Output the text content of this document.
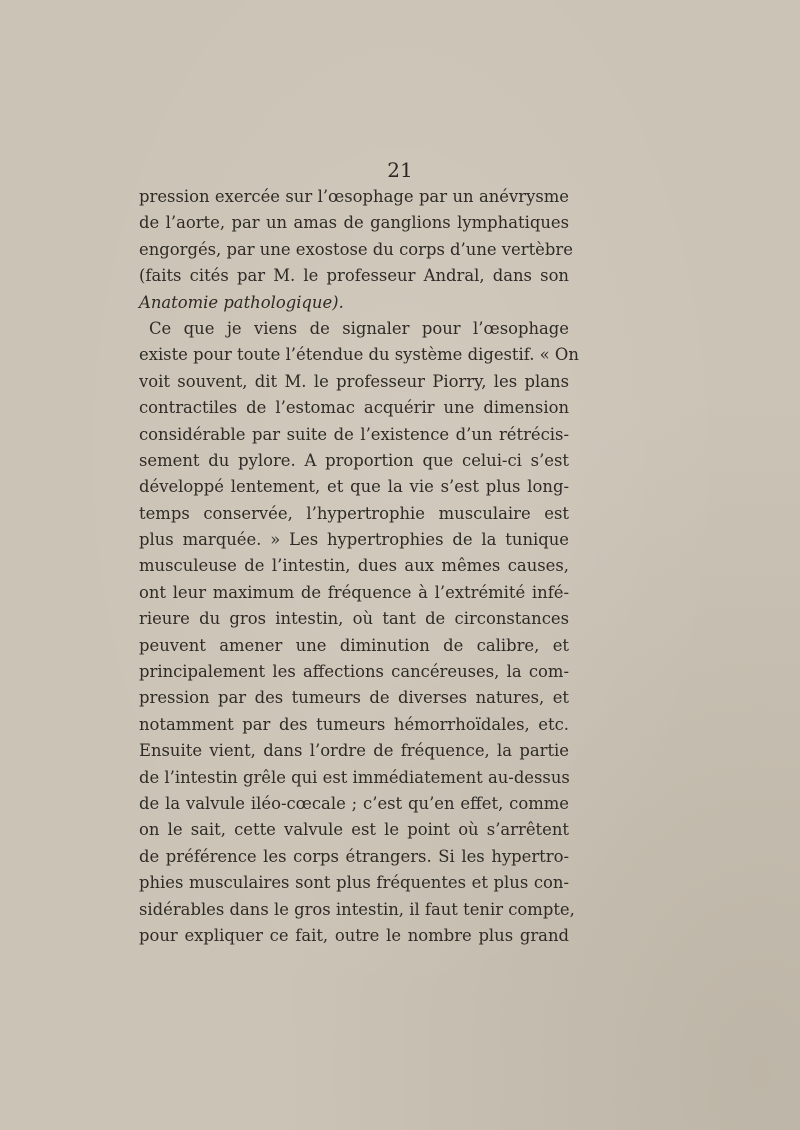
21
pression exercée sur l’œsophage par un anévrysme
de l’aorte, par un amas de ganglions lymphatiques
engorgés, par une exostose du corps d’une vertèbre
(faits cités par M. le professeur Andral, dans son
Anatomie pathologique).
Ce que je viens de signaler pour l’œsophage
existe pour toute l’étendue du système digestif. « On
voit souvent, dit M. le professeur Piorry, les plans
contractiles de l’estomac acquérir une dimension
considérable par suite de l’existence d’un rétrécis-
sement du pylore. A proportion que celui-ci s’est
développé lentement, et que la vie s’est plus long-
temps conservée, l’hypertrophie musculaire est
plus marquée. » Les hypertrophies de la tunique
musculeuse de l’intestin, dues aux mêmes causes,
ont leur maximum de fréquence à l’extrémité infé-
rieure du gros intestin, où tant de circonstances
peuvent amener une diminution de calibre, et
principalement les affections cancéreuses, la com-
pression par des tumeurs de diverses natures, et
notamment par des tumeurs hémorrhoïdales, etc.
Ensuite vient, dans l’ordre de fréquence, la partie
de l’intestin grêle qui est immédiatement au-dessus
de la valvule iléo-cœcale ; c’est qu’en effet, comme
on le sait, cette valvule est le point où s’arrêtent
de préférence les corps étrangers. Si les hypertro-
phies musculaires sont plus fréquentes et plus con-
sidérables dans le gros intestin, il faut tenir compte,
pour expliquer ce fait, outre le nombre plus grand
